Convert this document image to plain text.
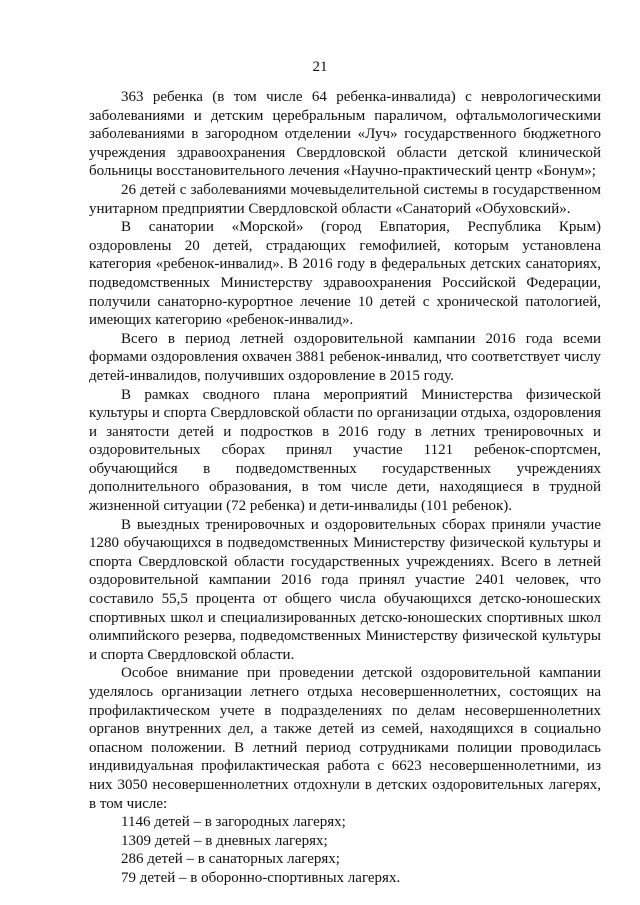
21

363 ребенка (в том числе 64 ребенка-инвалида) с неврологическими заболеваниями и детским церебральным параличом, офтальмологическими заболеваниями в загородном отделении «Луч» государственного бюджетного учреждения здравоохранения Свердловской области детской клинической больницы восстановительного лечения «Научно-практический центр «Бонум»;

26 детей с заболеваниями мочевыделительной системы в государственном унитарном предприятии Свердловской области «Санаторий «Обуховский».

В санатории «Морской» (город Евпатория, Республика Крым) оздоровлены 20 детей, страдающих гемофилией, которым установлена категория «ребенок-инвалид». В 2016 году в федеральных детских санаториях, подведомственных Министерству здравоохранения Российской Федерации, получили санаторно-курортное лечение 10 детей с хронической патологией, имеющих категорию «ребенок-инвалид».

Всего в период летней оздоровительной кампании 2016 года всеми формами оздоровления охвачен 3881 ребенок-инвалид, что соответствует числу детей-инвалидов, получивших оздоровление в 2015 году.

В рамках сводного плана мероприятий Министерства физической культуры и спорта Свердловской области по организации отдыха, оздоровления и занятости детей и подростков в 2016 году в летних тренировочных и оздоровительных сборах принял участие 1121 ребенок-спортсмен, обучающийся в подведомственных государственных учреждениях дополнительного образования, в том числе дети, находящиеся в трудной жизненной ситуации (72 ребенка) и дети-инвалиды (101 ребенок).

В выездных тренировочных и оздоровительных сборах приняли участие 1280 обучающихся в подведомственных Министерству физической культуры и спорта Свердловской области государственных учреждениях. Всего в летней оздоровительной кампании 2016 года принял участие 2401 человек, что составило 55,5 процента от общего числа обучающихся детско-юношеских спортивных школ и специализированных детско-юношеских спортивных школ олимпийского резерва, подведомственных Министерству физической культуры и спорта Свердловской области.

Особое внимание при проведении детской оздоровительной кампании уделялось организации летнего отдыха несовершеннолетних, состоящих на профилактическом учете в подразделениях по делам несовершеннолетних органов внутренних дел, а также детей из семей, находящихся в социально опасном положении. В летний период сотрудниками полиции проводилась индивидуальная профилактическая работа с 6623 несовершеннолетними, из них 3050 несовершеннолетних отдохнули в детских оздоровительных лагерях, в том числе:

1146 детей – в загородных лагерях;

1309 детей – в дневных лагерях;

286 детей – в санаторных лагерях;

79 детей – в оборонно-спортивных лагерях.
